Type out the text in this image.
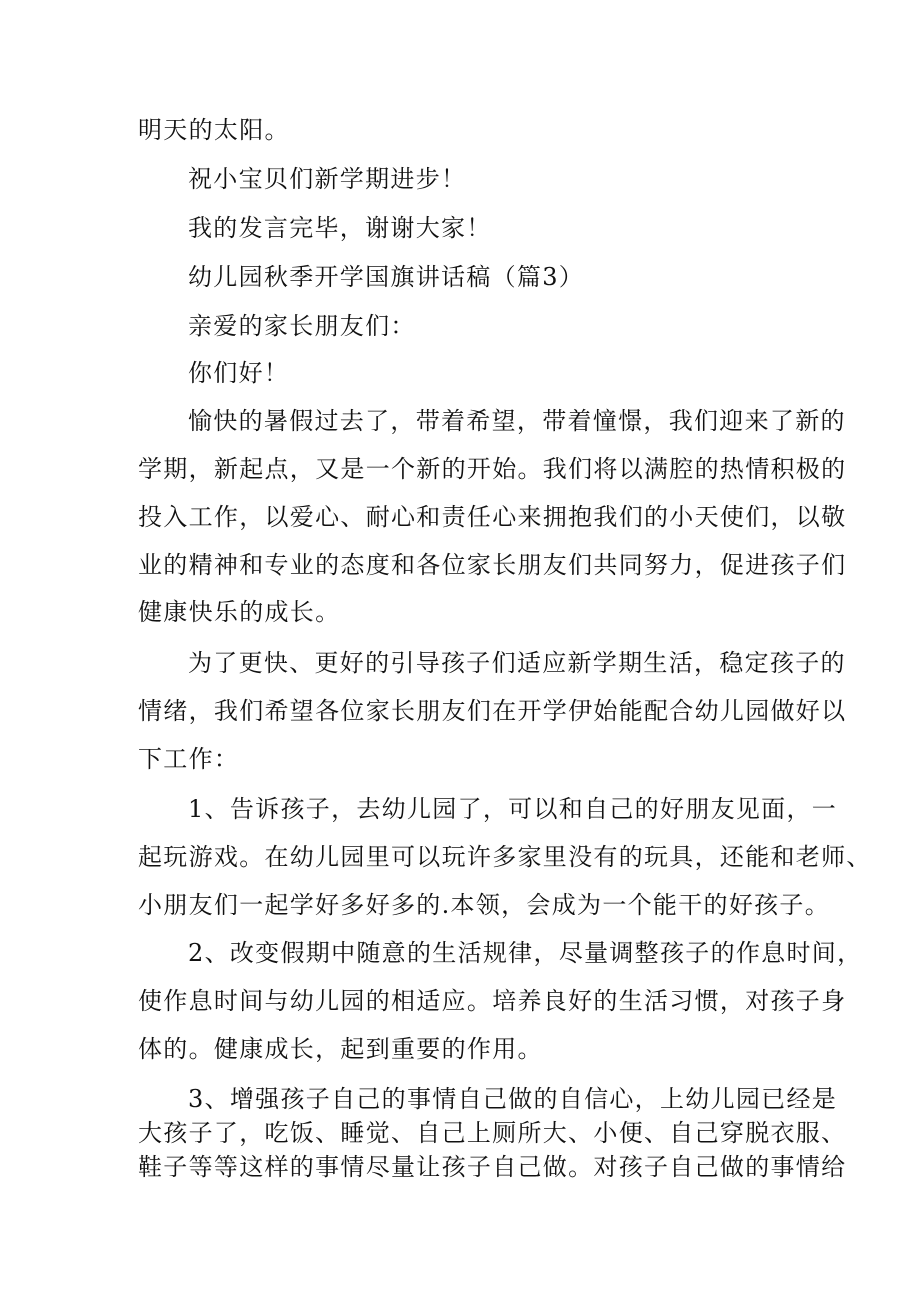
明天的太阳。
祝小宝贝们新学期进步！
我的发言完毕，谢谢大家！
幼儿园秋季开学国旗讲话稿（篇3）
亲爱的家长朋友们：
你们好！
愉快的暑假过去了，带着希望，带着憧憬，我们迎来了新的
学期，新起点，又是一个新的开始。我们将以满腔的热情积极的
投入工作，以爱心、耐心和责任心来拥抱我们的小天使们，以敬
业的精神和专业的态度和各位家长朋友们共同努力，促进孩子们
健康快乐的成长。
为了更快、更好的引导孩子们适应新学期生活，稳定孩子的
情绪，我们希望各位家长朋友们在开学伊始能配合幼儿园做好以
下工作：
1、告诉孩子，去幼儿园了，可以和自己的好朋友见面，一
起玩游戏。在幼儿园里可以玩许多家里没有的玩具，还能和老师、
小朋友们一起学好多好多的.本领，会成为一个能干的好孩子。
2、改变假期中随意的生活规律，尽量调整孩子的作息时间，
使作息时间与幼儿园的相适应。培养良好的生活习惯，对孩子身
体的。健康成长，起到重要的作用。
3、增强孩子自己的事情自己做的自信心，上幼儿园已经是
大孩子了，吃饭、睡觉、自己上厕所大、小便、自己穿脱衣服、
鞋子等等这样的事情尽量让孩子自己做。对孩子自己做的事情给
